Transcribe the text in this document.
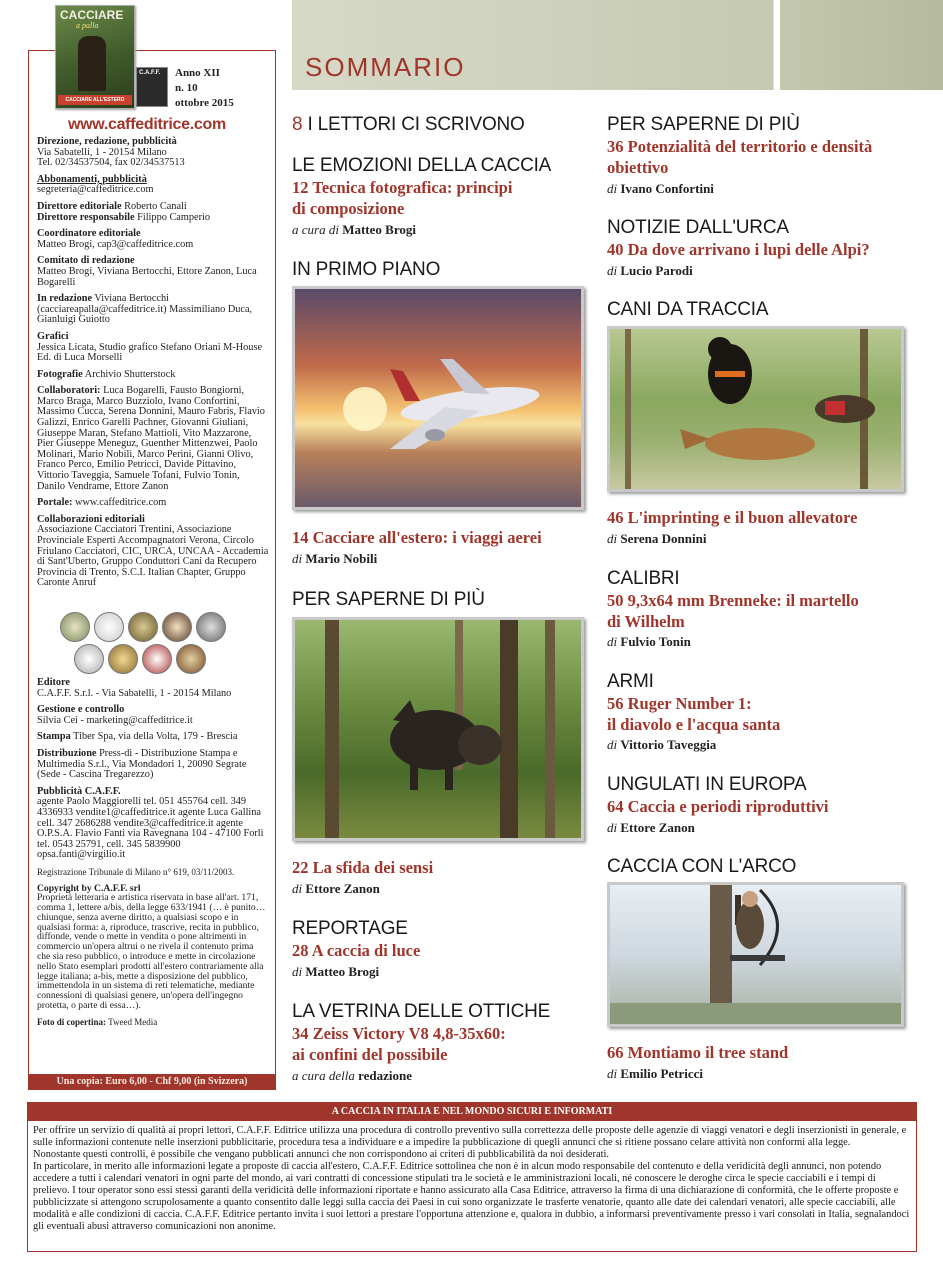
CACCIARE
a palla
CACCIARE ALL'ESTERO
C.A.F.F. Anno XII
n. 10
ottobre 2015
www.caffeditrice.com

Direzione, redazione, pubblicità
Via Sabatelli, 1 - 20154 Milano
Tel. 02/34537504, fax 02/34537513

Abbonamenti, pubblicità
segreteria@caffeditrice.com

Direttore editoriale Roberto Canali
Direttore responsabile Filippo Camperio

Coordinatore editoriale
Matteo Brogi, cap3@caffeditrice.com

Comitato di redazione
Matteo Brogi, Viviana Bertocchi, Ettore Zanon, Luca Bogarelli

In redazione Viviana Bertocchi (cacciareapalla@caffeditrice.it) Massimiliano Duca, Gianluigi Guiotto

Grafici
Jessica Licata, Studio grafico Stefano Oriani M-House Ed. di Luca Morselli

Fotografie Archivio Shutterstock

Collaboratori: Luca Bogarelli, Fausto Bongiorni, Marco Braga, Marco Buzziolo, Ivano Confortini, Massimo Cucca, Serena Donnini, Mauro Fabris, Flavio Galizzi, Enrico Garelli Pachner, Giovanni Giuliani, Giuseppe Maran, Stefano Mattioli, Vito Mazzarone, Pier Giuseppe Meneguz, Guenther Mittenzwei, Paolo Molinari, Mario Nobili, Marco Perini, Gianni Olivo, Franco Perco, Emilio Petricci, Davide Pittavino, Vittorio Taveggia, Samuele Tofani, Fulvio Tonin, Danilo Vendrame, Ettore Zanon

Portale: www.caffeditrice.com

Collaborazioni editoriali
Associazione Cacciatori Trentini, Associazione Provinciale Esperti Accompagnatori Verona, Circolo Friulano Cacciatori, CIC, URCA, UNCAA - Accademia di Sant'Uberto, Gruppo Conduttori Cani da Recupero Provincia di Trento, S.C.I. Italian Chapter, Gruppo Caronte Anruf

Editore
C.A.F.F. S.r.l. - Via Sabatelli, 1 - 20154 Milano

Gestione e controllo
Silvia Cei - marketing@caffeditrice.it

Stampa Tiber Spa, via della Volta, 179 - Brescia

Distribuzione Press-di - Distribuzione Stampa e Multimedia S.r.l., Via Mondadori 1, 20090 Segrate (Sede - Cascina Tregarezzo)

Pubblicità C.A.F.F.
agente Paolo Maggiorelli tel. 051 455764 cell. 349 4336933 vendite1@caffeditrice.it agente Luca Gallina cell. 347 2686288 vendite3@caffeditrice.it agente O.P.S.A. Flavio Fanti via Ravegnana 104 - 47100 Forlì tel. 0543 25791, cell. 345 5839900 opsa.fanti@virgilio.it

Registrazione Tribunale di Milano n° 619, 03/11/2003.

Copyright by C.A.F.F. srl
Proprietà letteraria e artistica riservata in base all'art. 171, comma 1, lettere a/bis, della legge 633/1941 (… è punito… chiunque, senza averne diritto, a qualsiasi scopo e in qualsiasi forma: a, riproduce, trascrive, recita in pubblico, diffonde, vende o mette in vendita o pone altrimenti in commercio un'opera altrui o ne rivela il contenuto prima che sia reso pubblico, o introduce e mette in circolazione nello Stato esemplari prodotti all'estero contrariamente alla legge italiana; a-bis, mette a disposizione del pubblico, immettendola in un sistema di reti telematiche, mediante connessioni di qualsiasi genere, un'opera dell'ingegno protetta, o parte di essa…).

Foto di copertina: Tweed Media

Una copia: Euro 6,00 - Chf 9,00 (in Svizzera)
SOMMARIO
8 I LETTORI CI SCRIVONO
LE EMOZIONI DELLA CACCIA
12 Tecnica fotografica: principi
di composizione
a cura di Matteo Brogi
IN PRIMO PIANO
14 Cacciare all'estero: i viaggi aerei
di Mario Nobili
PER SAPERNE DI PIÙ
22 La sfida dei sensi
di Ettore Zanon
REPORTAGE
28 A caccia di luce
di Matteo Brogi
LA VETRINA DELLE OTTICHE
34 Zeiss Victory V8 4,8-35x60:
ai confini del possibile
a cura della redazione
PER SAPERNE DI PIÙ
36 Potenzialità del territorio e densità
obiettivo
di Ivano Confortini
NOTIZIE DALL'URCA
40 Da dove arrivano i lupi delle Alpi?
di Lucio Parodi
CANI DA TRACCIA
46 L'imprinting e il buon allevatore
di Serena Donnini
CALIBRI
50 9,3x64 mm Brenneke: il martello
di Wilhelm
di Fulvio Tonin
ARMI
56 Ruger Number 1:
il diavolo e l'acqua santa
di Vittorio Taveggia
UNGULATI IN EUROPA
64 Caccia e periodi riproduttivi
di Ettore Zanon
CACCIA CON L'ARCO
66 Montiamo il tree stand
di Emilio Petricci
A CACCIA IN ITALIA E NEL MONDO SICURI E INFORMATI

Per offrire un servizio di qualità ai propri lettori, C.A.F.F. Editrice utilizza una procedura di controllo preventivo sulla correttezza delle proposte delle agenzie di viaggi venatori e degli inserzionisti in generale, e sulle informazioni contenute nelle inserzioni pubblicitarie, procedura tesa a individuare e a impedire la pubblicazione di quegli annunci che si ritiene possano celare attività non conformi alla legge.

Nonostante questi controlli, è possibile che vengano pubblicati annunci che non corrispondono ai criteri di pubblicabilità da noi desiderati.

In particolare, in merito alle informazioni legate a proposte di caccia all'estero, C.A.F.F. Editrice sottolinea che non è in alcun modo responsabile del contenuto e della veridicità degli annunci, non potendo accedere a tutti i calendari venatori in ogni parte del mondo, ai vari contratti di concessione stipulati tra le società e le amministrazioni locali, né conoscere le deroghe circa le specie cacciabili e i tempi di prelievo. I tour operator sono essi stessi garanti della veridicità delle informazioni riportate e hanno assicurato alla Casa Editrice, attraverso la firma di una dichiarazione di conformità, che le offerte proposte e pubblicizzate si attengono scrupolosamente a quanto consentito dalle leggi sulla caccia dei Paesi in cui sono organizzate le trasferte venatorie, quanto alle date dei calendari venatori, alle specie cacciabili, alle modalità e alle condizioni di caccia. C.A.F.F. Editrice pertanto invita i suoi lettori a prestare l'opportuna attenzione e, qualora in dubbio, a informarsi preventivamente presso i vari consolati in Italia, segnalandoci gli eventuali abusi attraverso comunicazioni non anonime.
